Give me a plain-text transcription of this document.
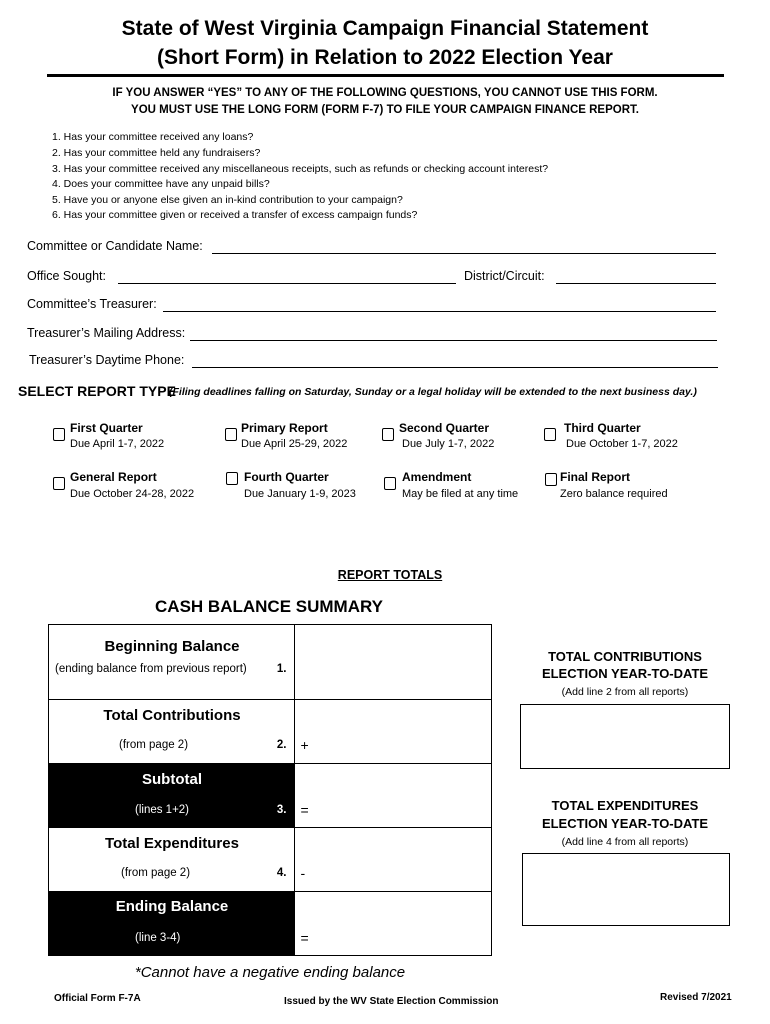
State of West Virginia Campaign Financial Statement
(Short Form) in Relation to 2022 Election Year
IF YOU ANSWER “YES” TO ANY OF THE FOLLOWING QUESTIONS, YOU CANNOT USE THIS FORM.
YOU MUST USE THE LONG FORM (FORM F-7) TO FILE YOUR CAMPAIGN FINANCE REPORT.
1. Has your committee received any loans?
2. Has your committee held any fundraisers?
3. Has your committee received any miscellaneous receipts, such as refunds or checking account interest?
4. Does your committee have any unpaid bills?
5. Have you or anyone else given an in-kind contribution to your campaign?
6. Has your committee given or received a transfer of excess campaign funds?
Committee or Candidate Name:
Office Sought:	District/Circuit:
Committee’s Treasurer:
Treasurer’s Mailing Address:
Treasurer’s Daytime Phone:
SELECT REPORT TYPE
(Filing deadlines falling on Saturday, Sunday or a legal holiday will be extended to the next business day.)
First Quarter
Due April 1-7, 2022
Primary Report
Due April 25-29, 2022
Second Quarter
Due July 1-7, 2022
Third Quarter
Due October 1-7, 2022
General Report
Due October 24-28, 2022
Fourth Quarter
Due January 1-9, 2023
Amendment
May be filed at any time
Final Report
Zero balance required
REPORT TOTALS
CASH BALANCE SUMMARY
Beginning Balance
(ending balance from previous report) 1.	

Total Contributions
(from page 2) 2.	+

Subtotal
(lines 1+2) 3.	=

Total Expenditures
(from page 2) 4.	-

Ending Balance
(line 3-4)	=
*Cannot have a negative ending balance
TOTAL CONTRIBUTIONS
ELECTION YEAR-TO-DATE
(Add line 2 from all reports)
TOTAL EXPENDITURES
ELECTION YEAR-TO-DATE
(Add line 4 from all reports)
Official Form F-7A	Issued by the WV State Election Commission	Revised 7/2021
